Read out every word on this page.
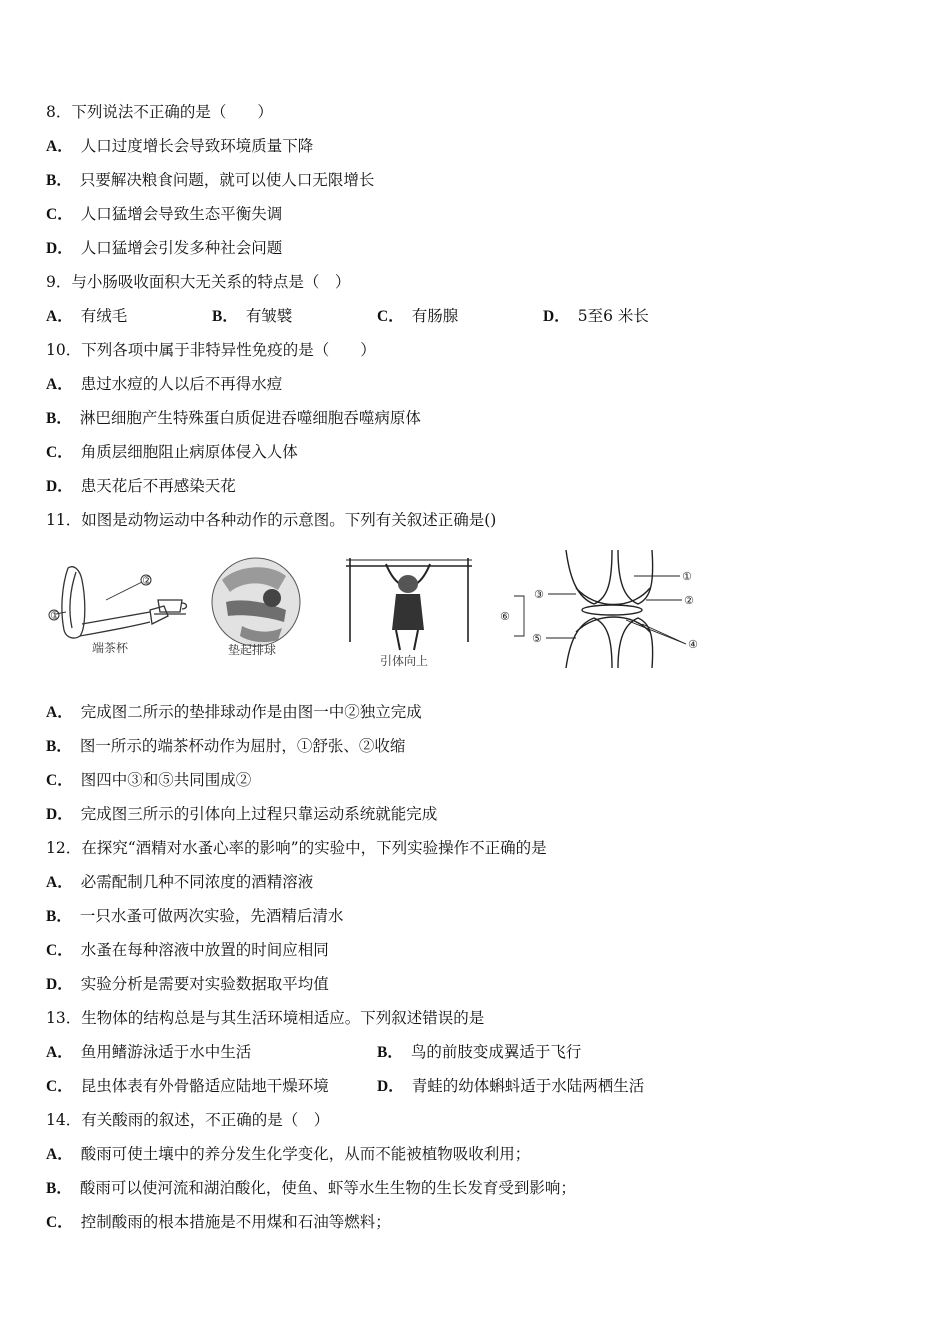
8．下列说法不正确的是（　　）
A． 人口过度增长会导致环境质量下降
B． 只要解决粮食问题，就可以使人口无限增长
C． 人口猛增会导致生态平衡失调
D． 人口猛增会引发多种社会问题
9．与小肠吸收面积大无关系的特点是（　）
A． 有绒毛	B． 有皱襞	C． 有肠腺	D． 5至6 米长
10．下列各项中属于非特异性免疫的是（　　）
A． 患过水痘的人以后不再得水痘
B． 淋巴细胞产生特殊蛋白质促进吞噬细胞吞噬病原体
C． 角质层细胞阻止病原体侵入人体
D． 患天花后不再感染天花
11．如图是动物运动中各种动作的示意图。下列有关叙述正确是()
②
①
端茶杯	垫起排球
引体向上
①
②
③
④
⑤
⑥
A． 完成图二所示的垫排球动作是由图一中②独立完成
B． 图一所示的端茶杯动作为屈肘，①舒张、②收缩
C． 图四中③和⑤共同围成②
D． 完成图三所示的引体向上过程只靠运动系统就能完成
12．在探究“酒精对水蚤心率的影响”的实验中，下列实验操作不正确的是
A． 必需配制几种不同浓度的酒精溶液
B． 一只水蚤可做两次实验，先酒精后清水
C． 水蚤在每种溶液中放置的时间应相同
D． 实验分析是需要对实验数据取平均值
13．生物体的结构总是与其生活环境相适应。下列叙述错误的是
A． 鱼用鳍游泳适于水中生活	B． 鸟的前肢变成翼适于飞行
C． 昆虫体表有外骨骼适应陆地干燥环境	D． 青蛙的幼体蝌蚪适于水陆两栖生活
14．有关酸雨的叙述，不正确的是（　）
A． 酸雨可使土壤中的养分发生化学变化，从而不能被植物吸收利用；
B． 酸雨可以使河流和湖泊酸化，使鱼、虾等水生生物的生长发育受到影响；
C． 控制酸雨的根本措施是不用煤和石油等燃料；
